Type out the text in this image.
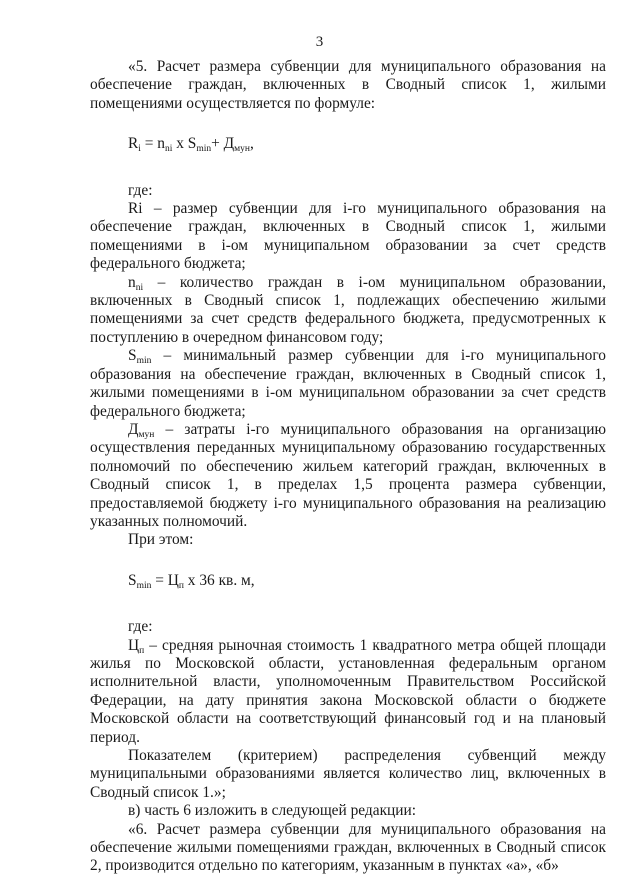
3

«5. Расчет размера субвенции для муниципального образования на обеспечение граждан, включенных в Сводный список 1, жилыми помещениями осуществляется по формуле:

$R_i = n_{ni}$ x $S_{min}+ Д_{мун}$,

где:

Ri – размер субвенции для i-го муниципального образования на обеспечение граждан, включенных в Сводный список 1, жилыми помещениями в i-ом муниципальном образовании за счет средств федерального бюджета;

$n_{ni}$ – количество граждан в i-ом муниципальном образовании, включенных в Сводный список 1, подлежащих обеспечению жилыми помещениями за счет средств федерального бюджета, предусмотренных к поступлению в очередном финансовом году;

$S_{min}$ – минимальный размер субвенции для i-го муниципального образования на обеспечение граждан, включенных в Сводный список 1, жилыми помещениями в i-ом муниципальном образовании за счет средств федерального бюджета;

$Д_{мун}$ – затраты i-го муниципального образования на организацию осуществления переданных муниципальному образованию государственных полномочий по обеспечению жильем категорий граждан, включенных в Сводный список 1, в пределах 1,5 процента размера субвенции, предоставляемой бюджету i-го муниципального образования на реализацию указанных полномочий.

При этом:

$S_{min} = Ц_п$ x 36 кв. м,

где:

$Ц_п$ – средняя рыночная стоимость 1 квадратного метра общей площади жилья по Московской области, установленная федеральным органом исполнительной власти, уполномоченным Правительством Российской Федерации, на дату принятия закона Московской области о бюджете Московской области на соответствующий финансовый год и на плановый период.

Показателем (критерием) распределения субвенций между муниципальными образованиями является количество лиц, включенных в Сводный список 1.»;

в) часть 6 изложить в следующей редакции:

«6. Расчет размера субвенции для муниципального образования на обеспечение жилыми помещениями граждан, включенных в Сводный список 2, производится отдельно по категориям, указанным в пунктах «а», «б»
